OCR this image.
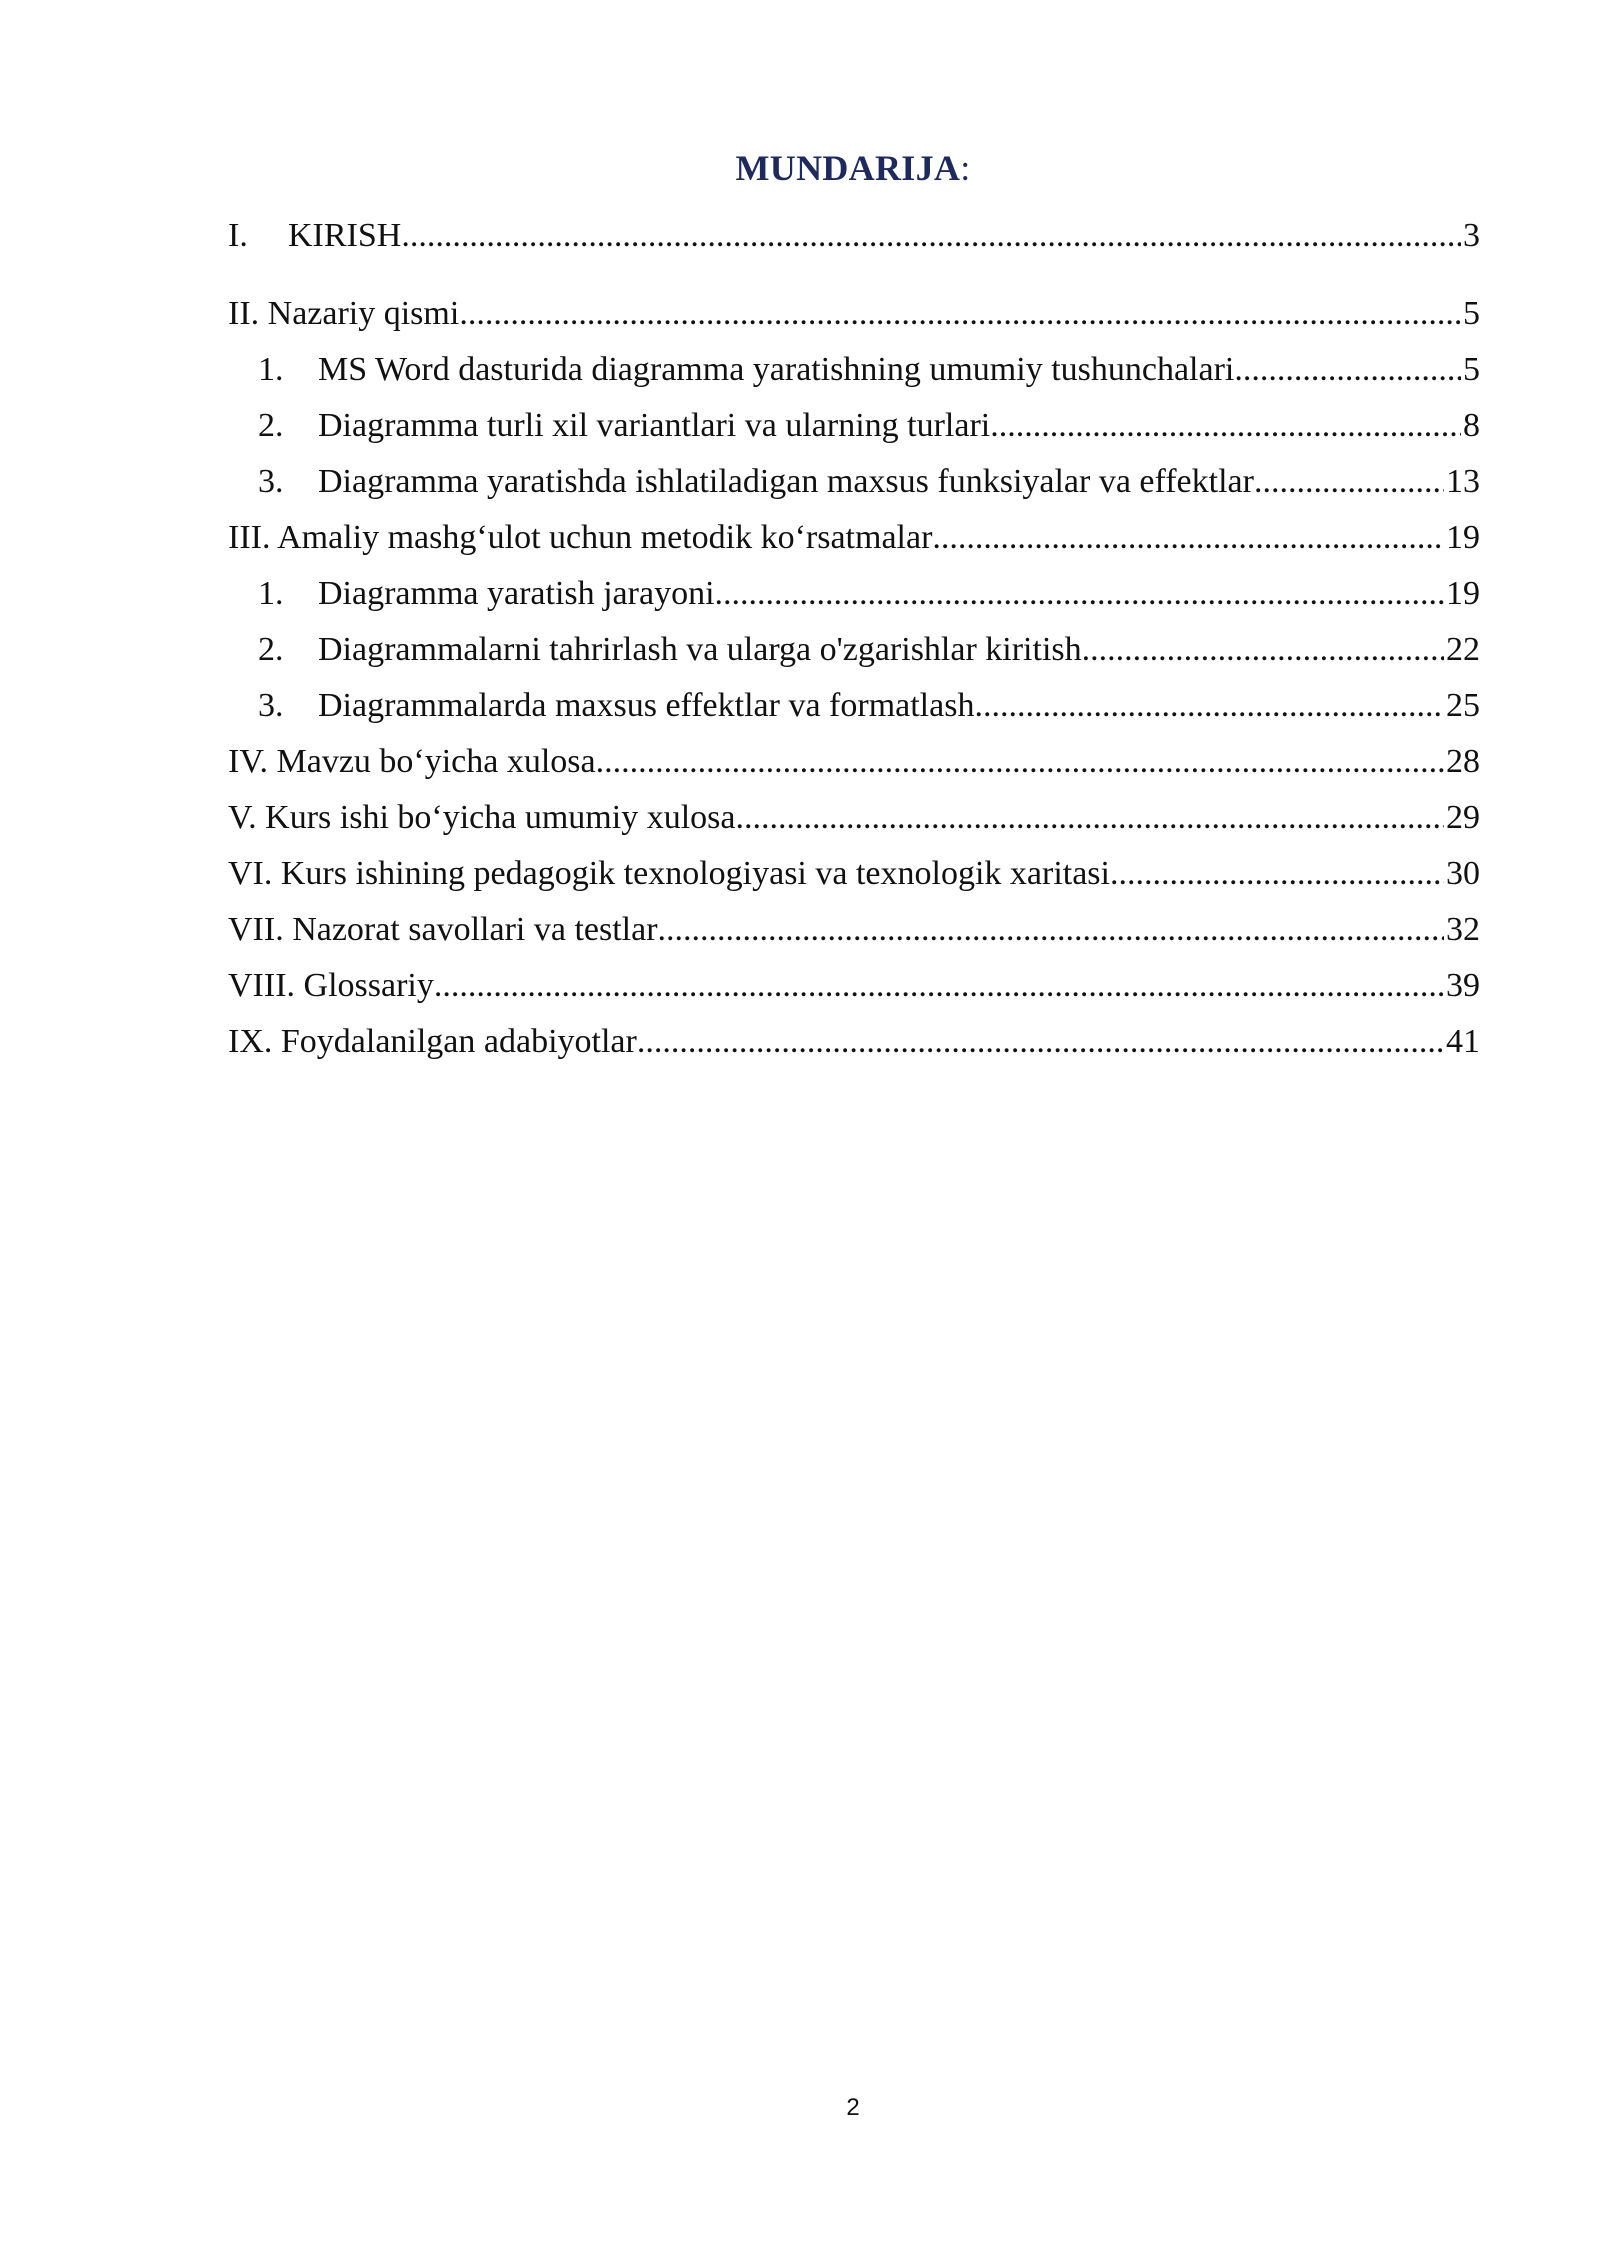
MUNDARIJA:
I.	KIRISH .....	3
II. Nazariy qismi .....	5
1.	MS Word dasturida diagramma yaratishning umumiy tushunchalari .....	5
2.	Diagramma turli xil variantlari va ularning turlari .....	8
3.	Diagramma yaratishda ishlatiladigan maxsus funksiyalar va effektlar .....	13
III. Amaliy mashg‘ulot uchun metodik ko‘rsatmalar .....	19
1.	Diagramma yaratish jarayoni .....	19
2.	Diagrammalarni tahrirlash va ularga o'zgarishlar kiritish .....	22
3.	Diagrammalarda maxsus effektlar va formatlash .....	25
IV. Mavzu bo‘yicha xulosa .....	28
V. Kurs ishi bo‘yicha umumiy xulosa .....	29
VI. Kurs ishining pedagogik texnologiyasi va texnologik xaritasi .....	30
VII. Nazorat savollari va testlar .....	32
VIII. Glossariy .....	39
IX. Foydalanilgan adabiyotlar .....	41
2
